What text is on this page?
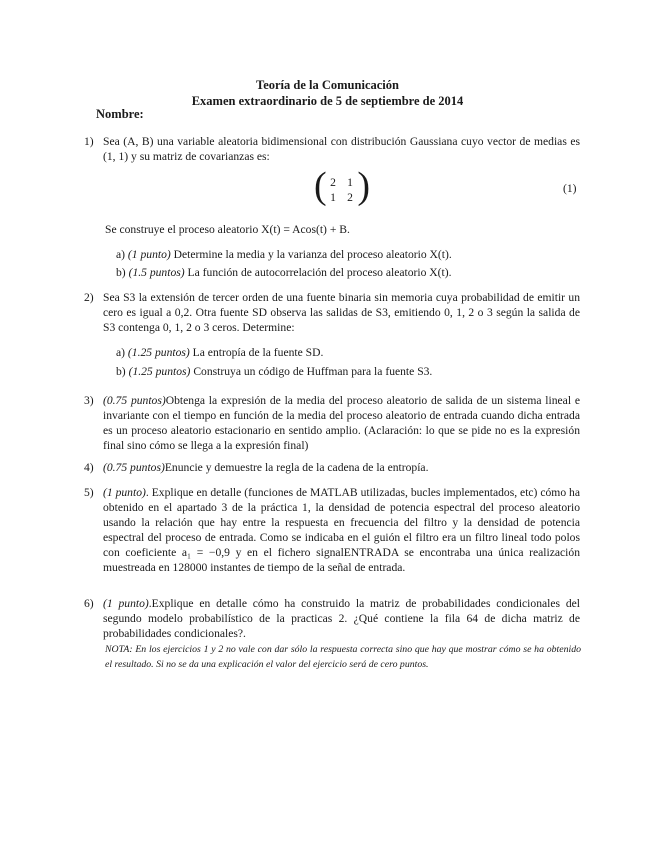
Teoría de la Comunicación
Examen extraordinario de 5 de septiembre de 2014
Nombre:
1) Sea (A, B) una variable aleatoria bidimensional con distribución Gaussiana cuyo vector de medias es (1, 1) y su matriz de covarianzas es:
( )
2 1
1 2
(1)
Se construye el proceso aleatorio X(t) = Acos(t) + B.
a) (1 punto) Determine la media y la varianza del proceso aleatorio X(t).
b) (1.5 puntos) La función de autocorrelación del proceso aleatorio X(t).
2) Sea S3 la extensión de tercer orden de una fuente binaria sin memoria cuya probabilidad de emitir un cero es igual a 0,2. Otra fuente SD observa las salidas de S3, emitiendo 0, 1, 2 o 3 según la salida de S3 contenga 0, 1, 2 o 3 ceros. Determine:
a) (1.25 puntos) La entropía de la fuente SD.
b) (1.25 puntos) Construya un código de Huffman para la fuente S3.
3) (0.75 puntos)Obtenga la expresión de la media del proceso aleatorio de salida de un sistema lineal e invariante con el tiempo en función de la media del proceso aleatorio de entrada cuando dicha entrada es un proceso aleatorio estacionario en sentido amplio. (Aclaración: lo que se pide no es la expresión final sino cómo se llega a la expresión final)
4) (0.75 puntos)Enuncie y demuestre la regla de la cadena de la entropía.
5) (1 punto). Explique en detalle (funciones de MATLAB utilizadas, bucles implementados, etc) cómo ha obtenido en el apartado 3 de la práctica 1, la densidad de potencia espectral del proceso aleatorio usando la relación que hay entre la respuesta en frecuencia del filtro y la densidad de potencia espectral del proceso de entrada. Como se indicaba en el guión el filtro era un filtro lineal todo polos con coeficiente a₁ = −0,9 y en el fichero signalENTRADA se encontraba una única realización muestreada en 128000 instantes de tiempo de la señal de entrada.
6) (1 punto).Explique en detalle cómo ha construido la matriz de probabilidades condicionales del segundo modelo probabilístico de la practicas 2. ¿Qué contiene la fila 64 de dicha matriz de probabilidades condicionales?.
NOTA: En los ejercicios 1 y 2 no vale con dar sólo la respuesta correcta sino que hay que mostrar cómo se ha obtenido el resultado. Si no se da una explicación el valor del ejercicio será de cero puntos.
